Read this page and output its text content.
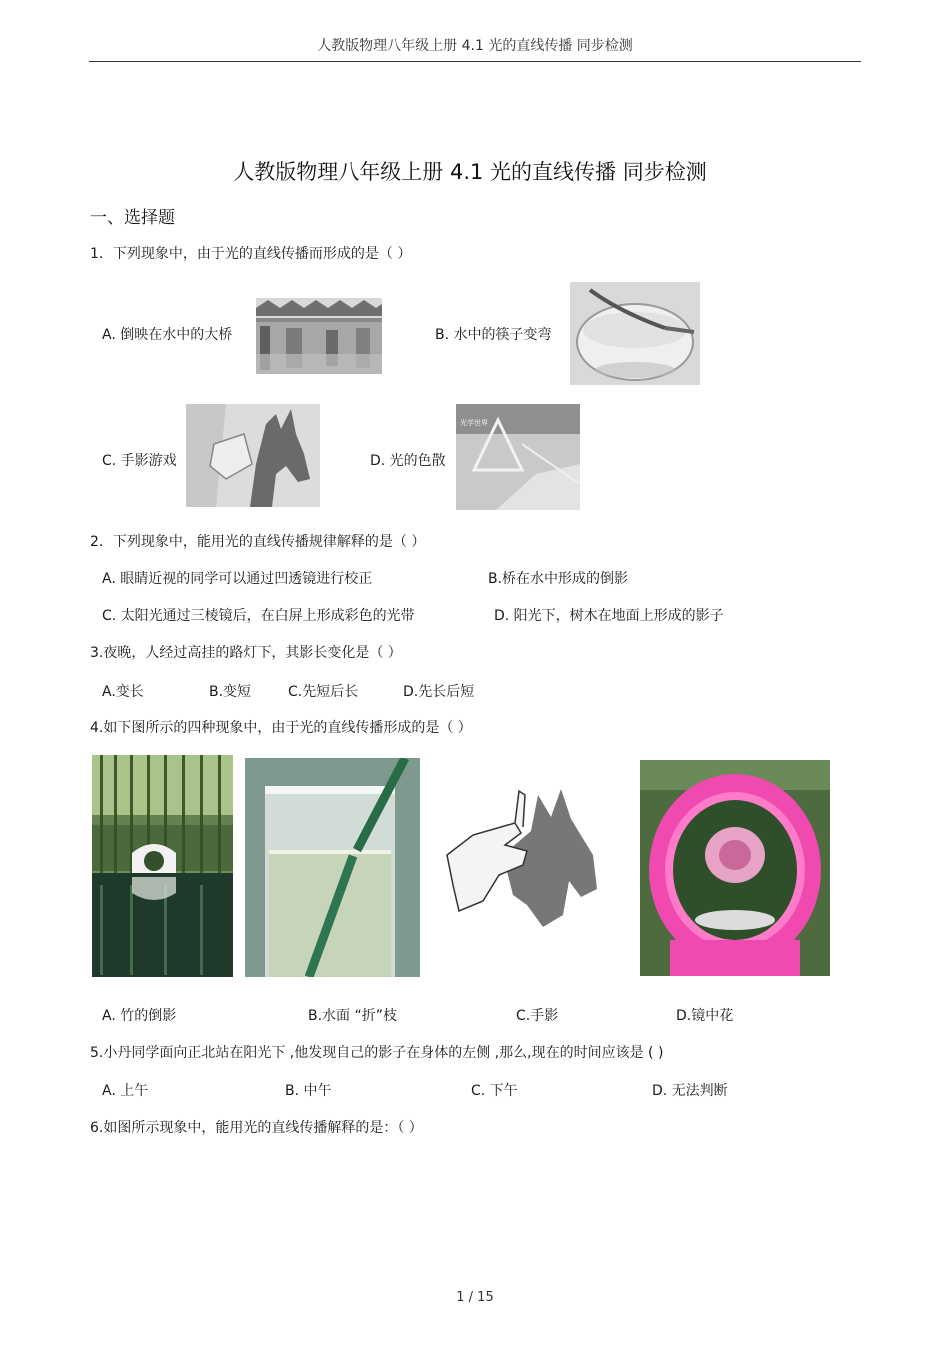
人教版物理八年级上册 4.1 光的直线传播 同步检测
人教版物理八年级上册 4.1 光的直线传播 同步检测
一、选择题
1．下列现象中，由于光的直线传播而形成的是（ ）
A. 倒映在水中的大桥	B. 水中的筷子变弯
C. 手影游戏	D. 光的色散
光学世界
2．下列现象中，能用光的直线传播规律解释的是（ ）
A. 眼睛近视的同学可以通过凹透镜进行校正	B.桥在水中形成的倒影
C. 太阳光通过三棱镜后，在白屏上形成彩色的光带	D. 阳光下，树木在地面上形成的影子
3.夜晚，人经过高挂的路灯下，其影长变化是（ ）
A.变长	B.变短	C.先短后长	D.先长后短
4.如下图所示的四种现象中，由于光的直线传播形成的是（ ）
A. 竹的倒影	B.水面 “折”枝	C.手影	D.镜中花
5.小丹同学面向正北站在阳光下 ,他发现自己的影子在身体的左侧 ,那么,现在的时间应该是 ( )
A. 上午	B. 中午	C. 下午	D. 无法判断
6.如图所示现象中，能用光的直线传播解释的是：（ ）
1 / 15
